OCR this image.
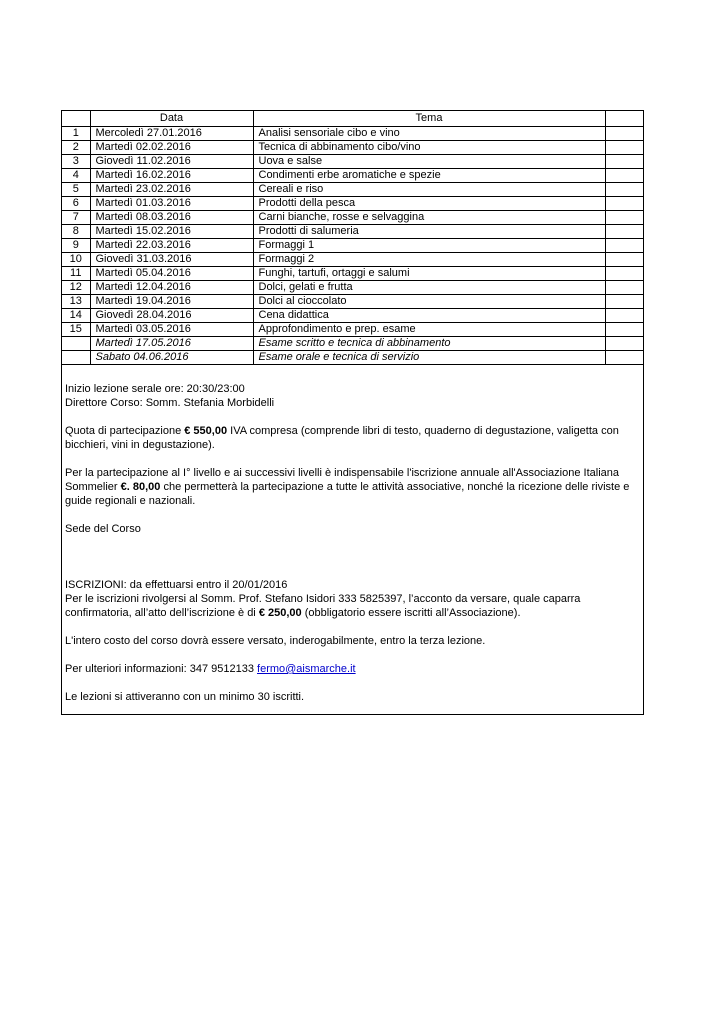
	Data	Tema	
1	Mercoledì 27.01.2016	Analisi sensoriale cibo e vino	
2	Martedì 02.02.2016	Tecnica di abbinamento cibo/vino	
3	Giovedì 11.02.2016	Uova e salse	
4	Martedì 16.02.2016	Condimenti erbe aromatiche e spezie	
5	Martedì 23.02.2016	Cereali e riso	
6	Martedì 01.03.2016	Prodotti della pesca	
7	Martedì 08.03.2016	Carni bianche, rosse e selvaggina	
8	Martedì 15.02.2016	Prodotti di salumeria	
9	Martedì 22.03.2016	Formaggi 1	
10	Giovedì 31.03.2016	Formaggi 2	
11	Martedì 05.04.2016	Funghi, tartufi, ortaggi e salumi	
12	Martedì 12.04.2016	Dolci, gelati e frutta	
13	Martedì 19.04.2016	Dolci al cioccolato	
14	Giovedì 28.04.2016	Cena didattica	
15	Martedì 03.05.2016	Approfondimento e prep. esame	
	Martedì 17.05.2016	Esame scritto e tecnica di abbinamento	
	Sabato 04.06.2016	Esame orale e tecnica di servizio	

Inizio lezione serale ore: 20:30/23:00
Direttore Corso: Somm. Stefania Morbidelli

Quota di partecipazione € 550,00 IVA compresa (comprende libri di testo, quaderno di degustazione, valigetta con bicchieri, vini in degustazione).

Per la partecipazione al I° livello e ai successivi livelli è indispensabile l'iscrizione annuale all'Associazione Italiana Sommelier €. 80,00 che permetterà la partecipazione a tutte le attività associative, nonché la ricezione delle riviste e guide regionali e nazionali.

Sede del Corso

ISCRIZIONI: da effettuarsi entro il 20/01/2016
Per le iscrizioni rivolgersi al Somm. Prof. Stefano Isidori 333 5825397, l’acconto da versare, quale caparra confirmatoria, all’atto dell’iscrizione è di € 250,00 (obbligatorio essere iscritti all’Associazione).

L'intero costo del corso dovrà essere versato, inderogabilmente, entro la terza lezione.

Per ulteriori informazioni: 347 9512133 fermo@aismarche.it

Le lezioni si attiveranno con un minimo 30 iscritti.
